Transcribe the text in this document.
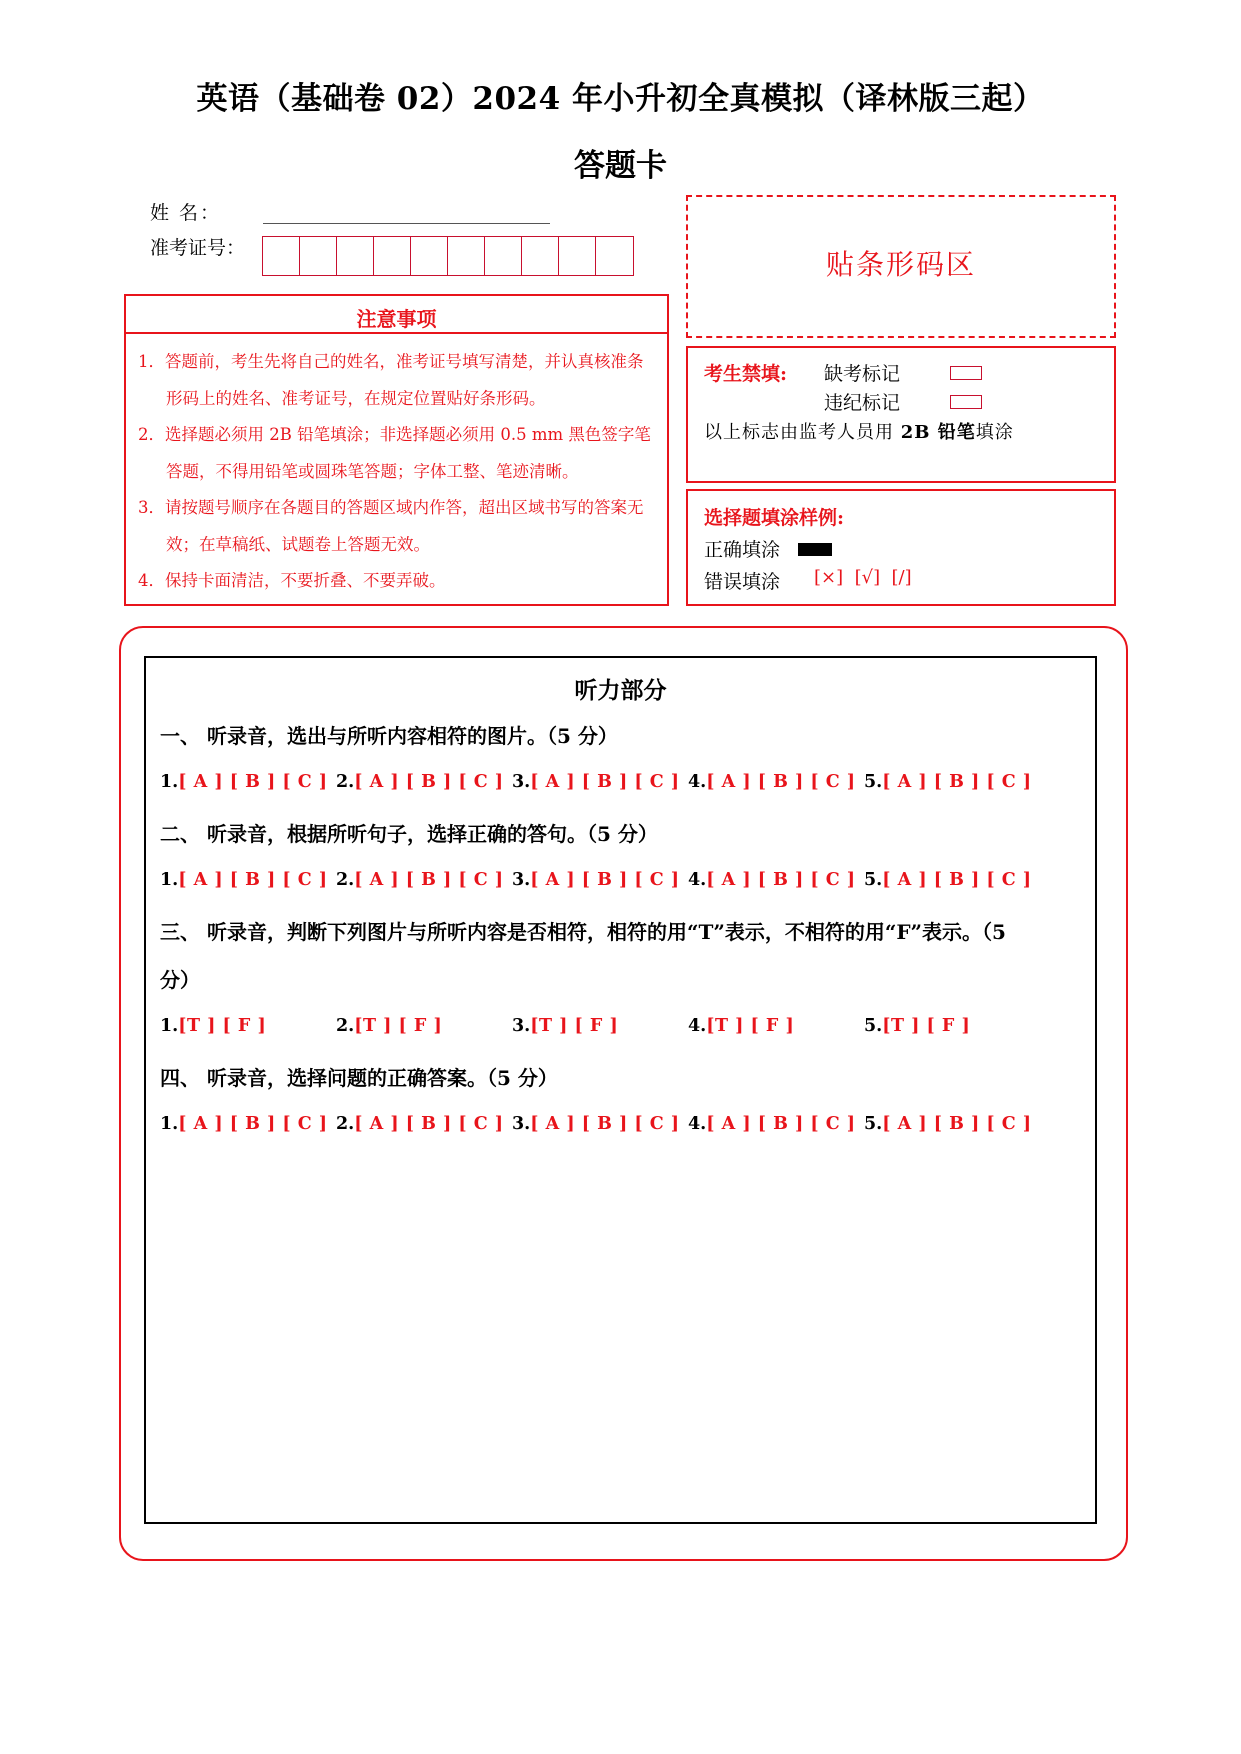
英语（基础卷 02）2024 年小升初全真模拟（译林版三起）
答题卡
姓 名：
准考证号：	贴条形码区
注意事项
1．答题前，考生先将自己的姓名，准考证号填写清楚，并认真核准条形码上的姓名、准考证号，在规定位置贴好条形码。
2．选择题必须用 2B 铅笔填涂；非选择题必须用 0.5 mm 黑色签字笔答题，不得用铅笔或圆珠笔答题；字体工整、笔迹清晰。
3．请按题号顺序在各题目的答题区域内作答，超出区域书写的答案无效；在草稿纸、试题卷上答题无效。
4．保持卡面清洁，不要折叠、不要弄破。
考生禁填: 缺考标记
违纪标记
以上标志由监考人员用 2B 铅笔填涂
选择题填涂样例:
正确填涂
错误填涂 [×]  [√]  [/]
听力部分
一、 听录音，选出与所听内容相符的图片。（5 分）
1.[ A ] [ B ] [ C ] 2.[ A ] [ B ] [ C ] 3.[ A ] [ B ] [ C ] 4.[ A ] [ B ] [ C ] 5.[ A ] [ B ] [ C ]
二、 听录音，根据所听句子，选择正确的答句。（5 分）
1.[ A ] [ B ] [ C ] 2.[ A ] [ B ] [ C ] 3.[ A ] [ B ] [ C ] 4.[ A ] [ B ] [ C ] 5.[ A ] [ B ] [ C ]
三、 听录音，判断下列图片与所听内容是否相符，相符的用“T”表示，不相符的用“F”表示。（5
分）
1.[T ] [ F ]	2.[T ] [ F ]	3.[T ] [ F ]	4.[T ] [ F ]	5.[T ] [ F ]
四、 听录音，选择问题的正确答案。（5 分）
1.[ A ] [ B ] [ C ] 2.[ A ] [ B ] [ C ] 3.[ A ] [ B ] [ C ] 4.[ A ] [ B ] [ C ] 5.[ A ] [ B ] [ C ]
